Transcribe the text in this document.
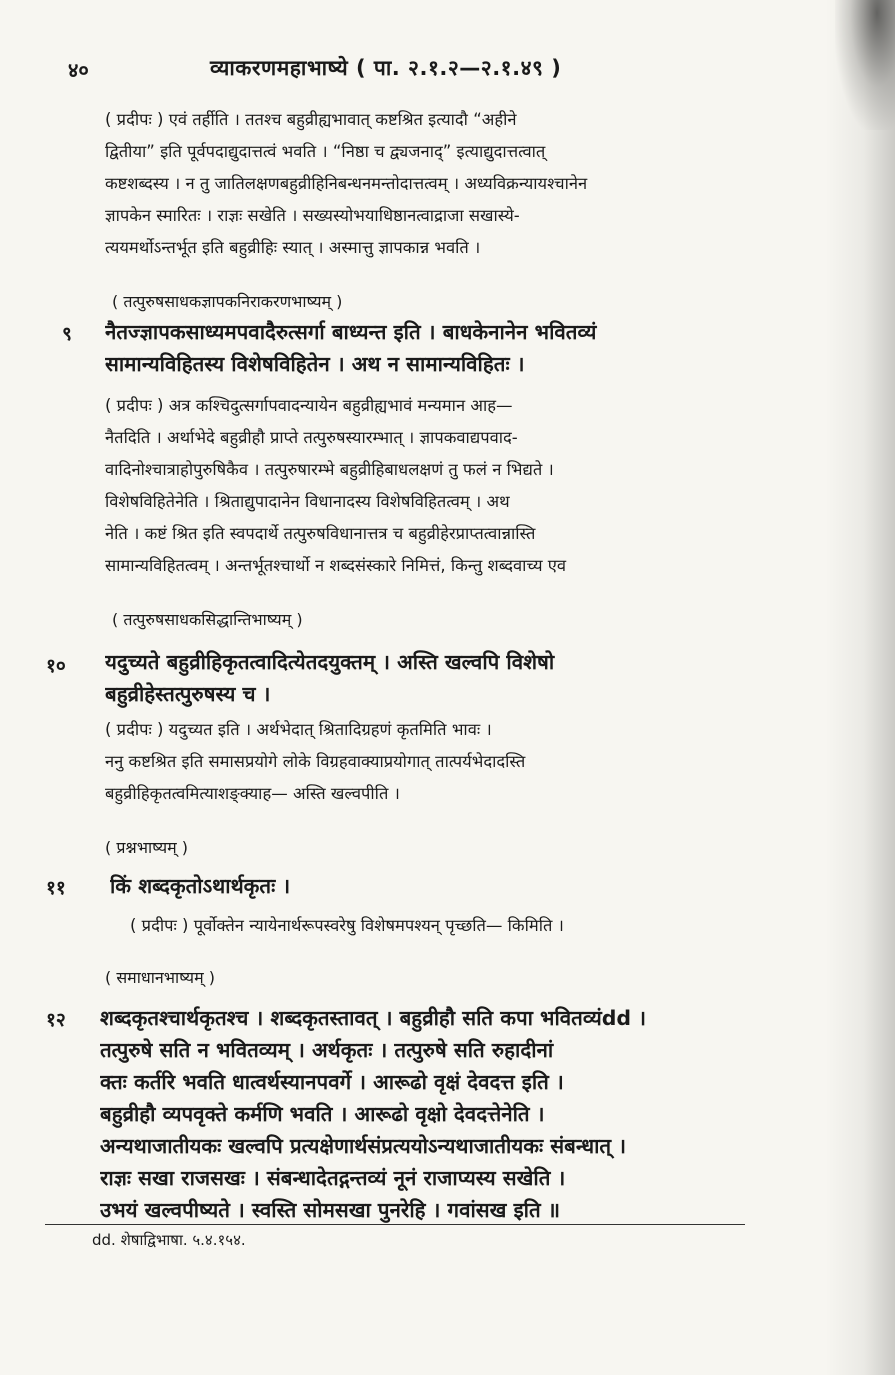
४०	व्याकरणमहाभाष्ये ( पा. २.१.२—२.१.४९ )
( प्रदीपः ) एवं तर्हीति । ततश्च बहुव्रीह्यभावात् कष्टश्रित इत्यादौ “अहीने
द्वितीया” इति पूर्वपदाद्युदात्तत्वं भवति । “निष्ठा च द्व्यजनाद्” इत्याद्युदात्तत्वात्
कष्टशब्दस्य । न तु जातिलक्षणबहुव्रीहिनिबन्धनमन्तोदात्तत्वम् । अध्यविक्रन्यायश्चानेन
ज्ञापकेन स्मारितः । राज्ञः सखेति । सख्यस्योभयाधिष्ठानत्वाद्राजा सखास्ये-
त्ययमर्थोऽन्तर्भूत इति बहुव्रीहिः स्यात् । अस्मात्तु ज्ञापकान्न भवति ।
( तत्पुरुषसाधकज्ञापकनिराकरणभाष्यम् )
९ नैतज्ज्ञापकसाध्यमपवादैरुत्सर्गा बाध्यन्त इति । बाधकेनानेन भवितव्यं
सामान्यविहितस्य विशेषविहितेन । अथ न सामान्यविहितः ।
( प्रदीपः ) अत्र कश्चिदुत्सर्गापवादन्यायेन बहुव्रीह्यभावं मन्यमान आह—
नैतदिति । अर्थाभेदे बहुव्रीहौ प्राप्ते तत्पुरुषस्यारम्भात् । ज्ञापकवाद्यपवाद-
वादिनोश्चात्राहोपुरुषिकैव । तत्पुरुषारम्भे बहुव्रीहिबाधलक्षणं तु फलं न भिद्यते ।
विशेषविहितेनेति । श्रिताद्युपादानेन विधानादस्य विशेषविहितत्वम् । अथ
नेति । कष्टं श्रित इति स्वपदार्थे तत्पुरुषविधानात्तत्र च बहुव्रीहेरप्राप्तत्वान्नास्ति
सामान्यविहितत्वम् । अन्तर्भूतश्चार्थो न शब्दसंस्कारे निमित्तं, किन्तु शब्दवाच्य एव
( तत्पुरुषसाधकसिद्धान्तिभाष्यम् )
१० यदुच्यते बहुव्रीहिकृतत्वादित्येतदयुक्तम् । अस्ति खल्वपि विशेषो
बहुव्रीहेस्तत्पुरुषस्य च ।
( प्रदीपः ) यदुच्यत इति । अर्थभेदात् श्रितादिग्रहणं कृतमिति भावः ।
ननु कष्टश्रित इति समासप्रयोगे लोके विग्रहवाक्याप्रयोगात् तात्पर्यभेदादस्ति
बहुव्रीहिकृतत्वमित्याशङ्क्याह— अस्ति खल्वपीति ।
( प्रश्नभाष्यम् )
११ किं शब्दकृतोऽथार्थकृतः ।
( प्रदीपः ) पूर्वोक्तेन न्यायेनार्थरूपस्वरेषु विशेषमपश्यन् पृच्छति— किमिति ।
( समाधानभाष्यम् )
१२ शब्दकृतश्चार्थकृतश्च । शब्दकृतस्तावत् । बहुव्रीहौ सति कपा भवितव्यंdd ।
तत्पुरुषे सति न भवितव्यम् । अर्थकृतः । तत्पुरुषे सति रुहादीनां
क्तः कर्तरि भवति धात्वर्थस्यानपवर्गे । आरूढो वृक्षं देवदत्त इति ।
बहुव्रीहौ व्यपवृक्ते कर्मणि भवति । आरूढो वृक्षो देवदत्तेनेति ।
अन्यथाजातीयकः खल्वपि प्रत्यक्षेणार्थसंप्रत्ययोऽन्यथाजातीयकः संबन्धात् ।
राज्ञः सखा राजसखः । संबन्धादेतद्गन्तव्यं नूनं राजाप्यस्य सखेति ।
उभयं खल्वपीष्यते । स्वस्ति सोमसखा पुनरेहि । गवांसख इति ॥
dd. शेषाद्विभाषा. ५.४.१५४.
